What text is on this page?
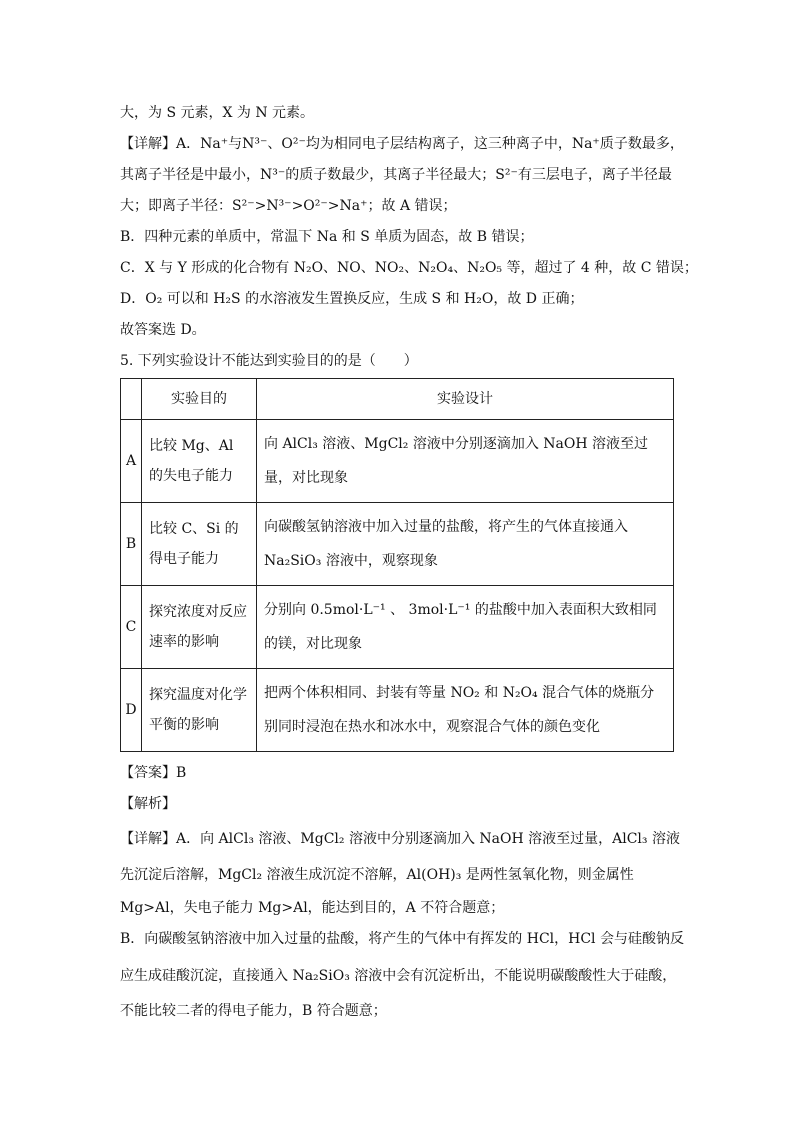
大，为 S 元素，X 为 N 元素。
【详解】A．Na⁺与N³⁻、O²⁻均为相同电子层结构离子，这三种离子中，Na⁺质子数最多，
其离子半径是中最小，N³⁻的质子数最少，其离子半径最大；S²⁻有三层电子，离子半径最
大；即离子半径：S²⁻>N³⁻>O²⁻>Na⁺；故 A 错误；
B．四种元素的单质中，常温下 Na 和 S 单质为固态，故 B 错误；
C．X 与 Y 形成的化合物有 N₂O、NO、NO₂、N₂O₄、N₂O₅ 等，超过了 4 种，故 C 错误；
D．O₂ 可以和 H₂S 的水溶液发生置换反应，生成 S 和 H₂O，故 D 正确；
故答案选 D。
5. 下列实验设计不能达到实验目的的是（　　）
	实验目的	实验设计
A	比较 Mg、Al 的失电子能力	向 AlCl₃ 溶液、MgCl₂ 溶液中分别逐滴加入 NaOH 溶液至过量，对比现象
B	比较 C、Si 的得电子能力	向碳酸氢钠溶液中加入过量的盐酸，将产生的气体直接通入 Na₂SiO₃ 溶液中，观察现象
C	探究浓度对反应速率的影响	分别向 0.5mol·L⁻¹ 、 3mol·L⁻¹ 的盐酸中加入表面积大致相同的镁，对比现象
D	探究温度对化学平衡的影响	把两个体积相同、封装有等量 NO₂ 和 N₂O₄ 混合气体的烧瓶分别同时浸泡在热水和冰水中，观察混合气体的颜色变化
【答案】B
【解析】
【详解】A．向 AlCl₃ 溶液、MgCl₂ 溶液中分别逐滴加入 NaOH 溶液至过量，AlCl₃ 溶液
先沉淀后溶解，MgCl₂ 溶液生成沉淀不溶解，Al(OH)₃ 是两性氢氧化物，则金属性
Mg>Al，失电子能力 Mg>Al，能达到目的，A 不符合题意；
B．向碳酸氢钠溶液中加入过量的盐酸，将产生的气体中有挥发的 HCl，HCl 会与硅酸钠反
应生成硅酸沉淀，直接通入 Na₂SiO₃ 溶液中会有沉淀析出，不能说明碳酸酸性大于硅酸，
不能比较二者的得电子能力，B 符合题意；
